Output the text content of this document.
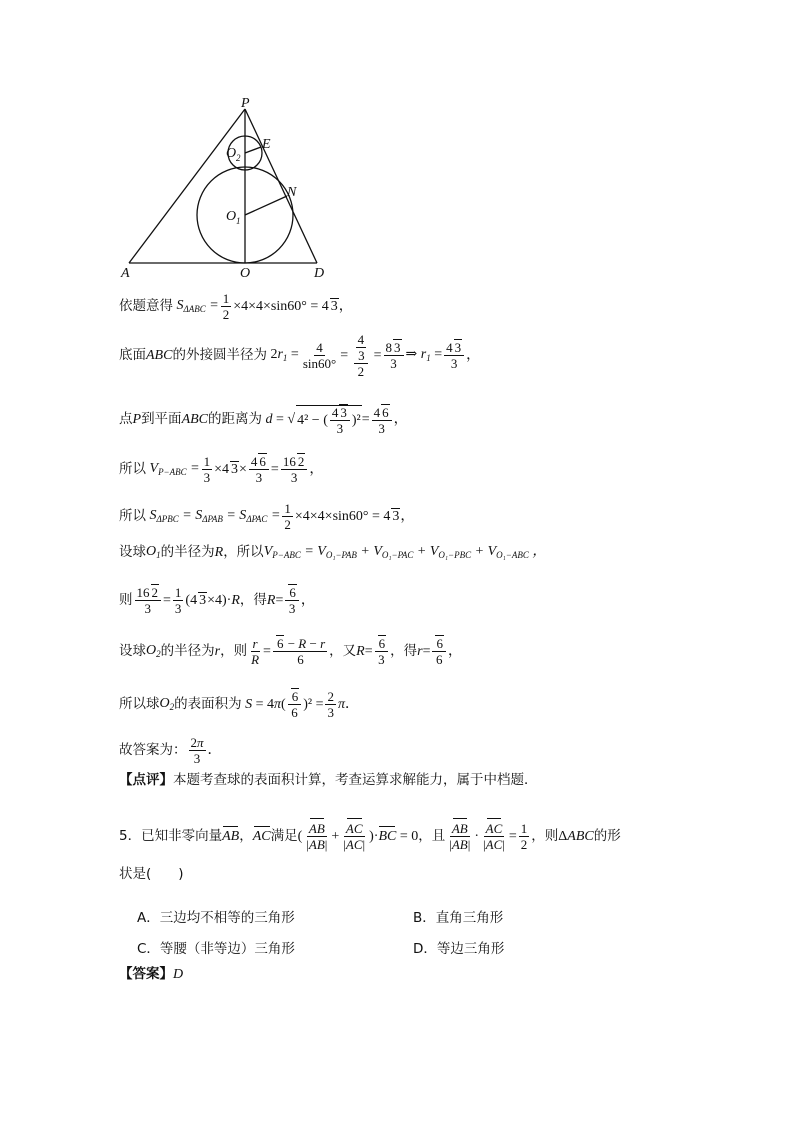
P
E
O 2
N
O 1
A	O	D
依题意得 $S_{\Delta ABC} = \frac{1}{2} \times 4\times 4\times\sin 60^\circ = 4$ 3，
底面 ABC 的外接圆半径为 $2r_1 = \frac{4}{\sin 60^\circ} = \frac{4}{\frac{3}{2}} = \frac{8 3}{3}$ ⇒ $r_1 = \frac{4 3}{3}$ ，
点 P 到平面 ABC 的距离为 d = √ 4² − ( $\frac{4 3}{3} )^2 = \frac{4 6}{3}$ ，
所以 $V_{P-ABC} = \frac{1}{3} \times 4$ $3\times \frac{4 6}{3} = \frac{16 2}{3}$ ，
所以 $S_{\Delta PBC} = S_{\Delta PAB} = S_{\Delta PAC} = \frac{1}{2} \times 4\times 4\times\sin 60^\circ = 4$ 3，
设球 $O_1$ 的半径为 R ，所以 $V_{P-ABC} = V_{O_1-PAB} + V_{O_1-PAC} + V_{O_1-PBC} + V_{O_1-ABC}$ ，
则 $\frac{16 2}{3} = \frac{1}{3} (4$ 3×4)·R ，得 $R = \frac{6}{3}$ ，
设球 $O_2$ 的半径为 r ，则 $\frac{r}{R} = \frac{6 - R - r}{6}$ ，又 $R = \frac{6}{3}$ ，得 $r = \frac{6}{6}$ ，
所以球 $O_2$ 的表面积为 $S = 4\pi( \frac{6}{6} )^2 = \frac{2}{3}$ π ．
故答案为： $\frac{2\pi}{3}$ ．
【点评】 本题考查球的表面积计算，考查运算求解能力，属于中档题．
5．已知非零向量 AB ， AC 满足 ( $\frac{AB}{|AB|} + \frac{AC}{|AC|} )\cdot BC = 0$ ，且 $\frac{AB}{|AB|} \cdot \frac{AC}{|AC|} = \frac{1}{2}$ ，则 ΔABC 的形
状是(　　)
A．三边均不相等的三角形	B．直角三角形
C．等腰（非等边）三角形	D．等边三角形
【答案】 D
